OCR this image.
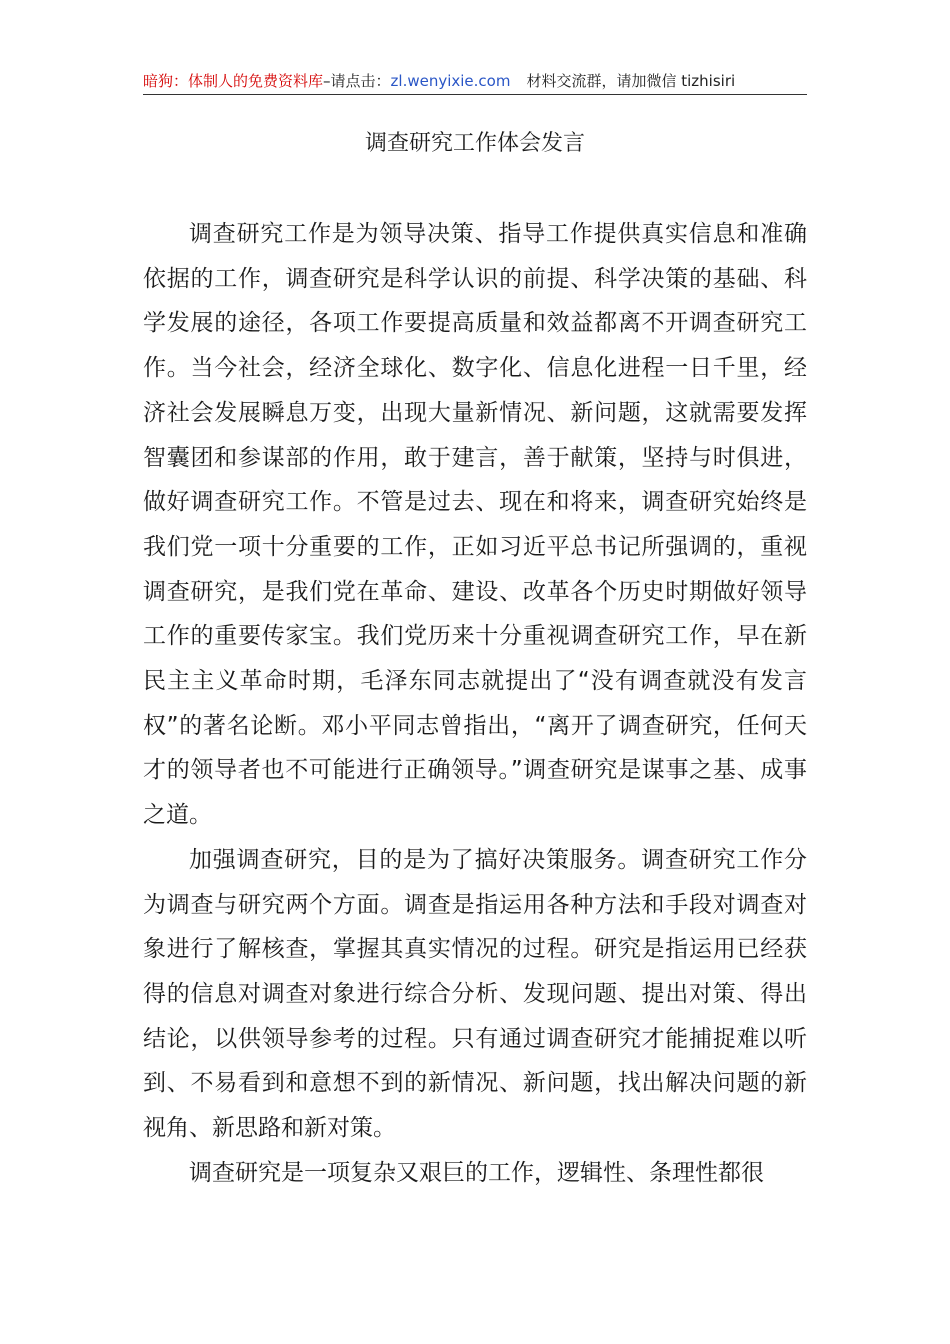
暗狗：体制人的免费资料库–请点击：zl.wenyixie.com 材料交流群，请加微信 tizhisiri
调查研究工作体会发言

调查研究工作是为领导决策、指导工作提供真实信息和准确依据的工作，调查研究是科学认识的前提、科学决策的基础、科学发展的途径，各项工作要提高质量和效益都离不开调查研究工作。当今社会，经济全球化、数字化、信息化进程一日千里，经济社会发展瞬息万变，出现大量新情况、新问题，这就需要发挥智囊团和参谋部的作用，敢于建言，善于献策，坚持与时俱进，做好调查研究工作。不管是过去、现在和将来，调查研究始终是我们党一项十分重要的工作，正如习近平总书记所强调的，重视调查研究，是我们党在革命、建设、改革各个历史时期做好领导工作的重要传家宝。我们党历来十分重视调查研究工作，早在新民主主义革命时期，毛泽东同志就提出了“没有调查就没有发言权”的著名论断。邓小平同志曾指出，“离开了调查研究，任何天才的领导者也不可能进行正确领导。”调查研究是谋事之基、成事之道。

加强调查研究，目的是为了搞好决策服务。调查研究工作分为调查与研究两个方面。调查是指运用各种方法和手段对调查对象进行了解核查，掌握其真实情况的过程。研究是指运用已经获得的信息对调查对象进行综合分析、发现问题、提出对策、得出结论，以供领导参考的过程。只有通过调查研究才能捕捉难以听到、不易看到和意想不到的新情况、新问题，找出解决问题的新视角、新思路和新对策。

调查研究是一项复杂又艰巨的工作，逻辑性、条理性都很
